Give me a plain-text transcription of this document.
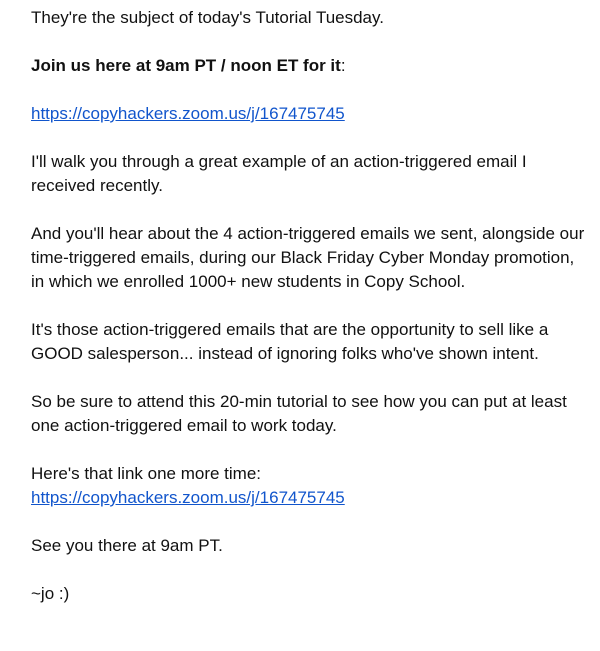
They're the subject of today's Tutorial Tuesday.

Join us here at 9am PT / noon ET for it:

https://copyhackers.zoom.us/j/167475745

I'll walk you through a great example of an action-triggered email I received recently.

And you'll hear about the 4 action-triggered emails we sent, alongside our time-triggered emails, during our Black Friday Cyber Monday promotion, in which we enrolled 1000+ new students in Copy School.

It's those action-triggered emails that are the opportunity to sell like a GOOD salesperson... instead of ignoring folks who've shown intent.

So be sure to attend this 20-min tutorial to see how you can put at least one action-triggered email to work today.

Here's that link one more time:

https://copyhackers.zoom.us/j/167475745

See you there at 9am PT.

~jo :)
